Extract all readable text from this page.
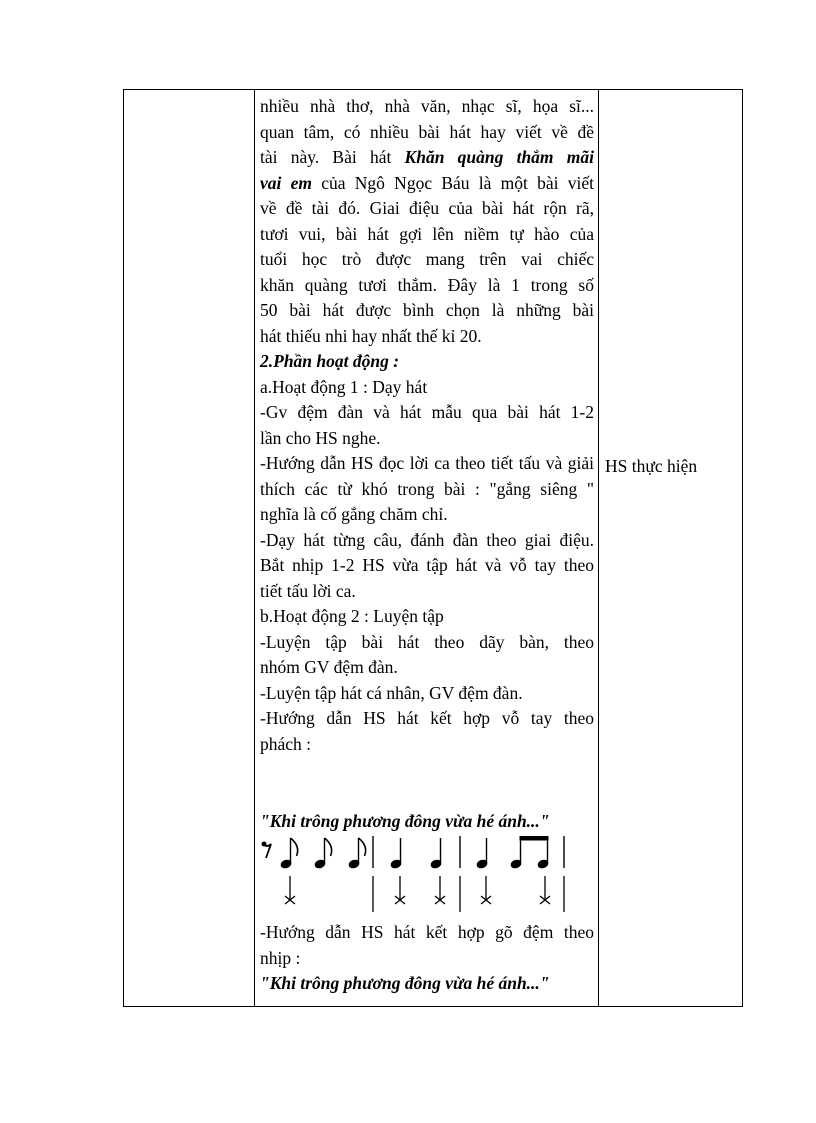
nhiều nhà thơ, nhà văn, nhạc sĩ, họa sĩ...

quan tâm, có nhiều bài hát hay viết về đề

tài này. Bài hát Khăn quàng thắm mãi

vai em của Ngô Ngọc Báu là một bài viết

về đề tài đó. Giai điệu của bài hát rộn rã,

tươi vui, bài hát gợi lên niềm tự hào của

tuổi học trò được mang trên vai chiếc

khăn quàng tươi thắm. Đây là 1 trong số

50 bài hát được bình chọn là những bài

hát thiếu nhi hay nhất thế kỉ 20.

2.Phần hoạt động :

a.Hoạt động 1 : Dạy hát

-Gv đệm đàn và hát mẫu qua bài hát 1-2

lần cho HS nghe.

-Hướng dẫn HS đọc lời ca theo tiết tấu và giải

thích các từ khó trong bài : "gắng siêng "

nghĩa là cố gắng chăm chỉ.

-Dạy hát từng câu, đánh đàn theo giai điệu.

Bắt nhịp 1-2 HS vừa tập hát và vỗ tay theo

tiết tấu lời ca.

b.Hoạt động 2 : Luyện tập

-Luyện tập bài hát theo dãy bàn, theo

nhóm GV đệm đàn.

-Luyện tập hát cá nhân, GV đệm đàn.

-Hướng dẫn HS hát kết hợp vỗ tay theo

phách :

"Khi trông phương đông vừa hé ánh..."

-Hướng dẫn HS hát kết hợp gõ đệm theo

nhịp :

"Khi trông phương đông vừa hé ánh..."

HS thực hiện
